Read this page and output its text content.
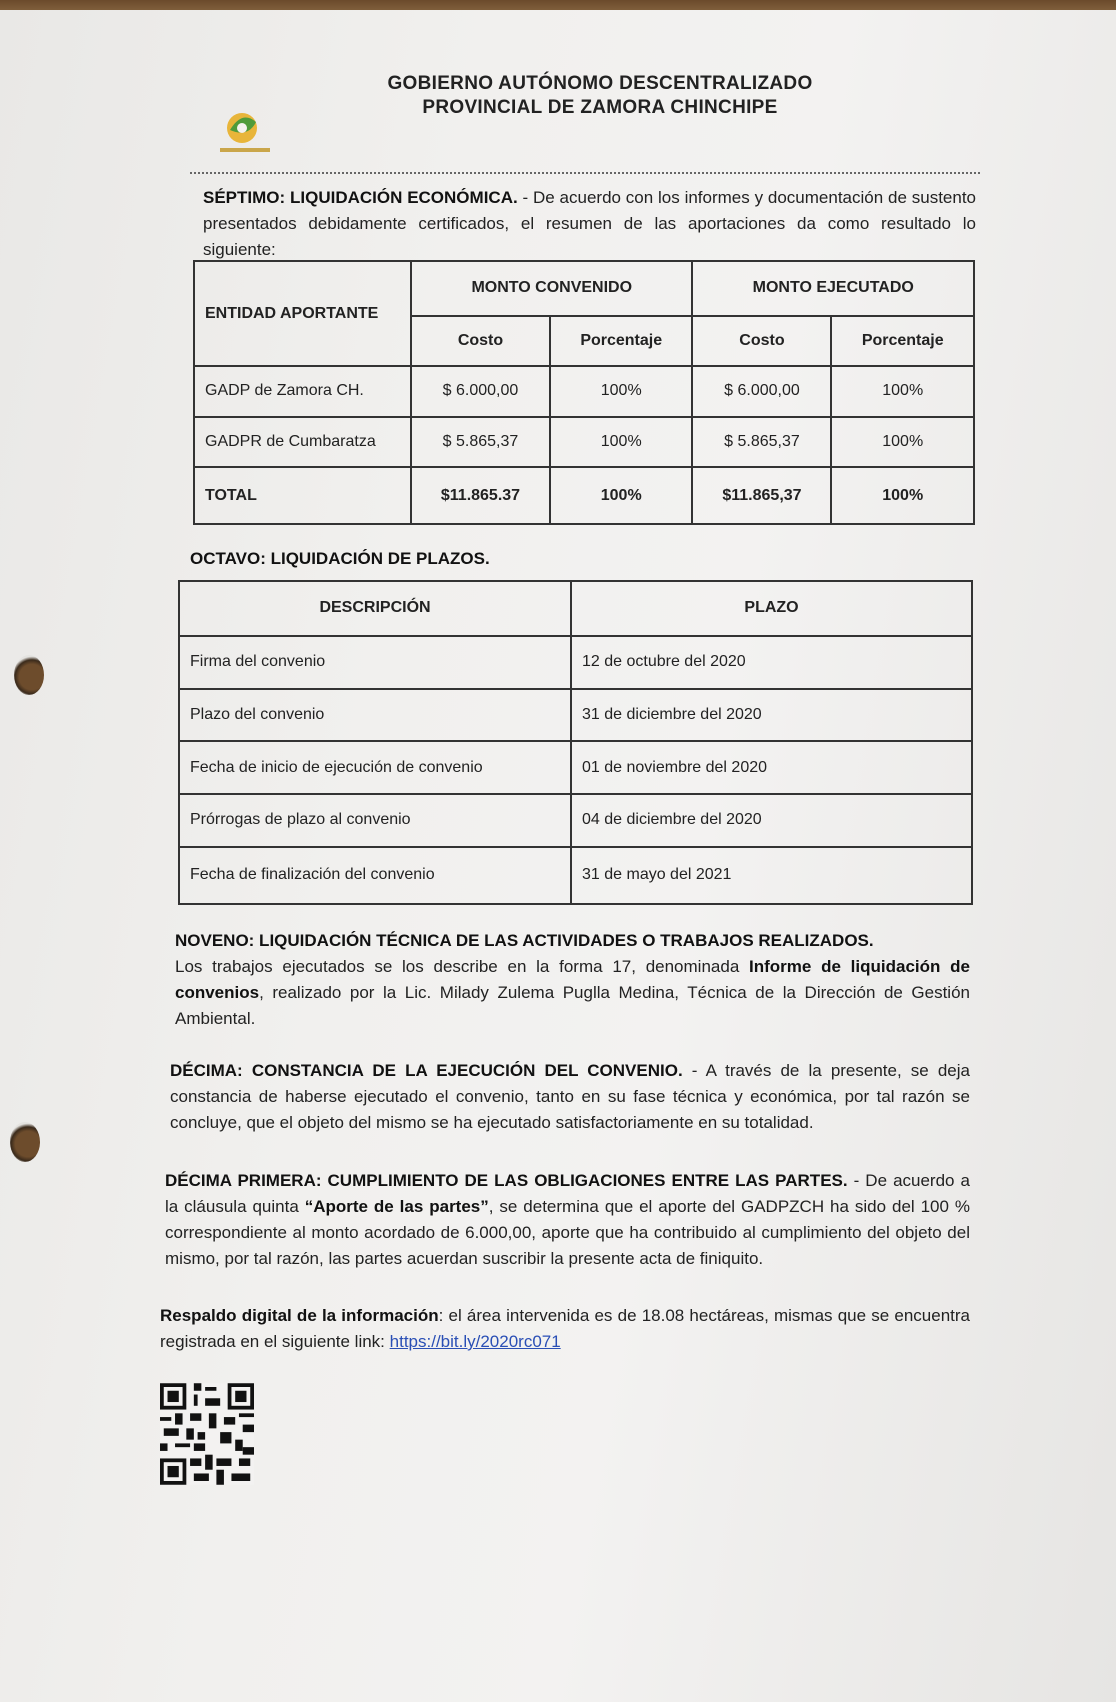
GOBIERNO AUTÓNOMO DESCENTRALIZADO
PROVINCIAL DE ZAMORA CHINCHIPE
SÉPTIMO: LIQUIDACIÓN ECONÓMICA. - De acuerdo con los informes y documentación de sustento presentados debidamente certificados, el resumen de las aportaciones da como resultado lo siguiente:
ENTIDAD APORTANTE	MONTO CONVENIDO		MONTO EJECUTADO	
	Costo	Porcentaje	Costo	Porcentaje
GADP de Zamora CH.	$ 6.000,00	100%	$ 6.000,00	100%
GADPR de Cumbaratza	$ 5.865,37	100%	$ 5.865,37	100%
TOTAL	$11.865.37	100%	$11.865,37	100%
OCTAVO: LIQUIDACIÓN DE PLAZOS.
DESCRIPCIÓN	PLAZO
Firma del convenio	12 de octubre del 2020
Plazo del convenio	31 de diciembre del 2020
Fecha de inicio de ejecución de convenio	01 de noviembre del 2020
Prórrogas de plazo al convenio	04 de diciembre del 2020
Fecha de finalización del convenio	31 de mayo del 2021
NOVENO: LIQUIDACIÓN TÉCNICA DE LAS ACTIVIDADES O TRABAJOS REALIZADOS.
Los trabajos ejecutados se los describe en la forma 17, denominada Informe de liquidación de convenios, realizado por la Lic. Milady Zulema Puglla Medina, Técnica de la Dirección de Gestión Ambiental.
DÉCIMA: CONSTANCIA DE LA EJECUCIÓN DEL CONVENIO. - A través de la presente, se deja constancia de haberse ejecutado el convenio, tanto en su fase técnica y económica, por tal razón se concluye, que el objeto del mismo se ha ejecutado satisfactoriamente en su totalidad.
DÉCIMA PRIMERA: CUMPLIMIENTO DE LAS OBLIGACIONES ENTRE LAS PARTES. - De acuerdo a la cláusula quinta “Aporte de las partes”, se determina que el aporte del GADPZCH ha sido del 100 % correspondiente al monto acordado de 6.000,00, aporte que ha contribuido al cumplimiento del objeto del mismo, por tal razón, las partes acuerdan suscribir la presente acta de finiquito.
Respaldo digital de la información: el área intervenida es de 18.08 hectáreas, mismas que se encuentra registrada en el siguiente link: https://bit.ly/2020rc071
